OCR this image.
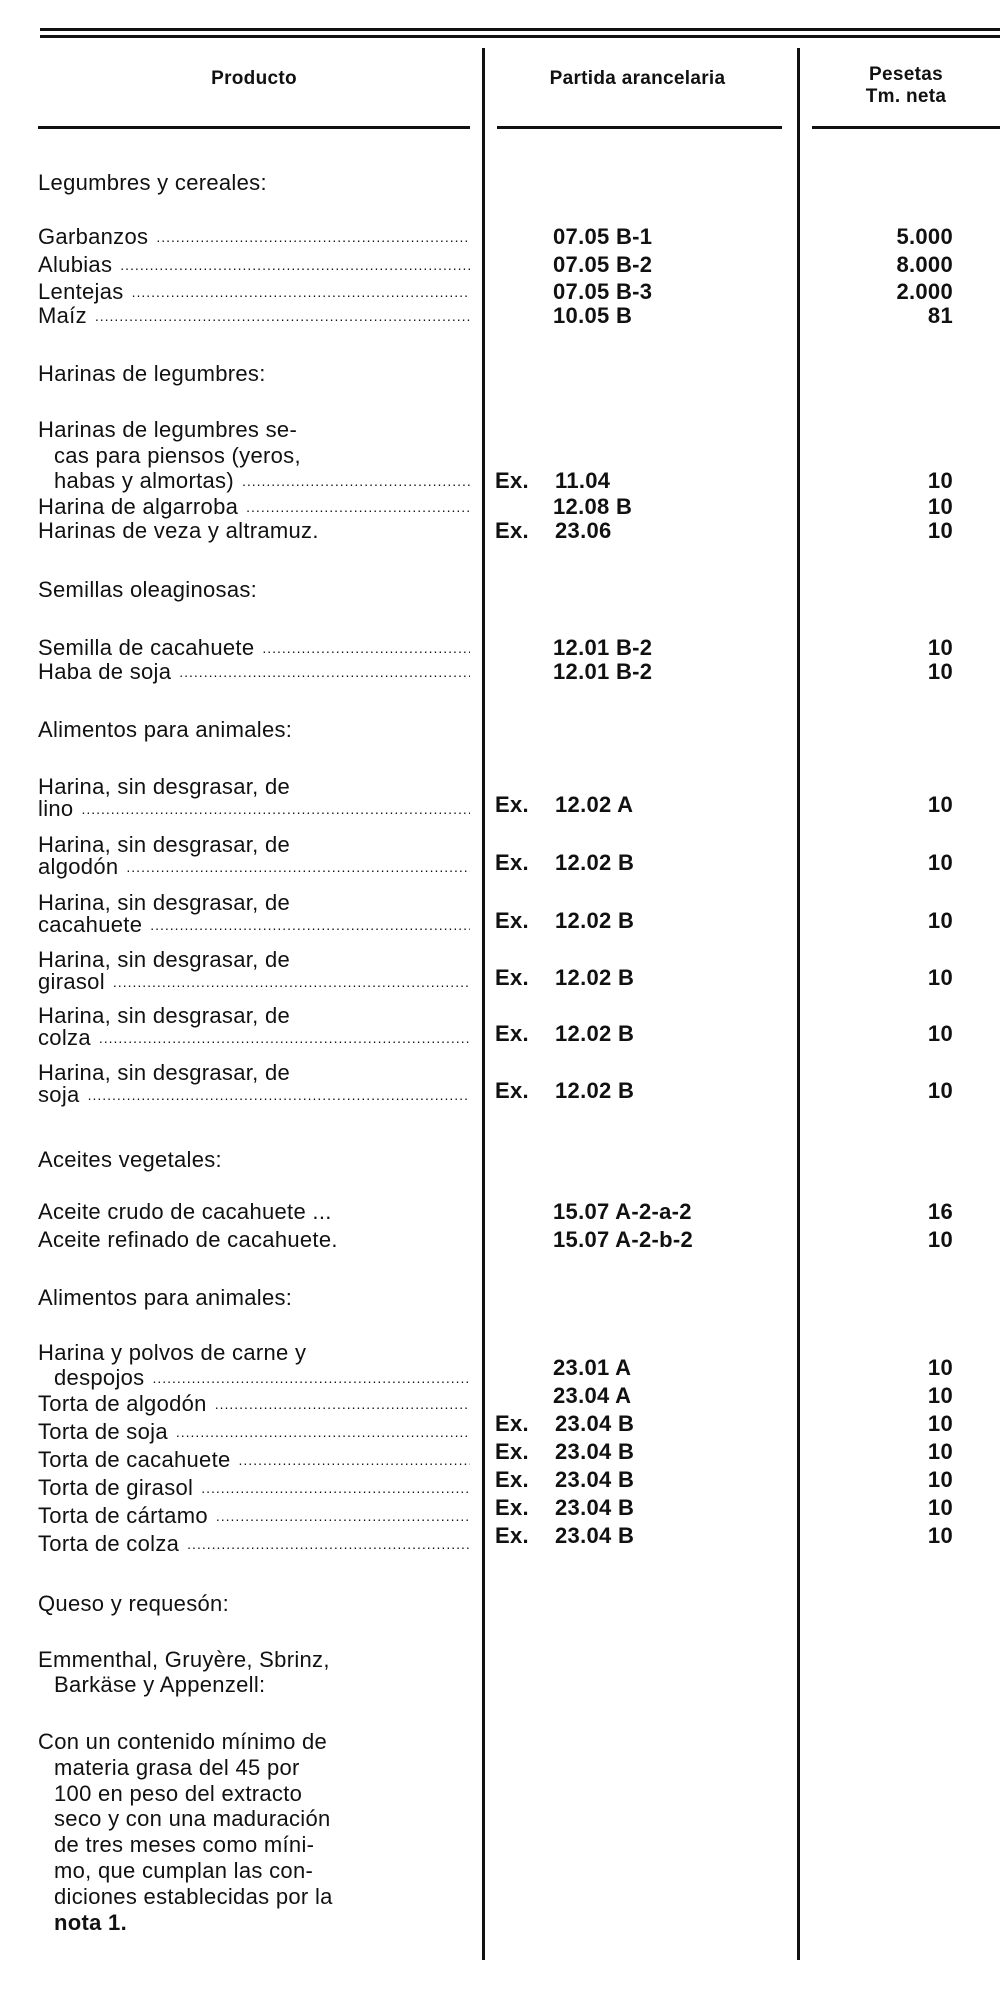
Producto	Partida arancelaria	Pesetas
Tm. neta
Legumbres y cereales:
Garbanzos .....	07.05 B-1	5.000
Alubias .....	07.05 B-2	8.000
Lentejas .....	07.05 B-3	2.000
Maíz .....	10.05 B	81
Harinas de legumbres:
Harinas de legumbres se-
cas para piensos (yeros,
habas y almortas) .....	Ex. 11.04	10
Harina de algarroba .....	12.08 B	10
Harinas de veza y altramuz.	Ex. 23.06	10
Semillas oleaginosas:
Semilla de cacahuete .....	12.01 B-2	10
Haba de soja .....	12.01 B-2	10
Alimentos para animales:
Harina, sin desgrasar, de
lino .....	Ex. 12.02 A	10
Harina, sin desgrasar, de
algodón .....	Ex. 12.02 B	10
Harina, sin desgrasar, de
cacahuete .....	Ex. 12.02 B	10
Harina, sin desgrasar, de
girasol .....	Ex. 12.02 B	10
Harina, sin desgrasar, de
colza .....	Ex. 12.02 B	10
Harina, sin desgrasar, de
soja .....	Ex. 12.02 B	10
Aceites vegetales:
Aceite crudo de cacahuete ...	15.07 A-2-a-2	16
Aceite refinado de cacahuete.	15.07 A-2-b-2	10
Alimentos para animales:
Harina y polvos de carne y
despojos .....	23.01 A	10
Torta de algodón .....	23.04 A	10
Torta de soja .....	Ex. 23.04 B	10
Torta de cacahuete .....	Ex. 23.04 B	10
Torta de girasol .....	Ex. 23.04 B	10
Torta de cártamo .....	Ex. 23.04 B	10
Torta de colza .....	Ex. 23.04 B	10
Queso y requesón:
Emmenthal, Gruyère, Sbrinz,
Barkäse y Appenzell:
Con un contenido mínimo de
materia grasa del 45 por
100 en peso del extracto
seco y con una maduración
de tres meses como míni-
mo, que cumplan las con-
diciones establecidas por la
nota 1.
